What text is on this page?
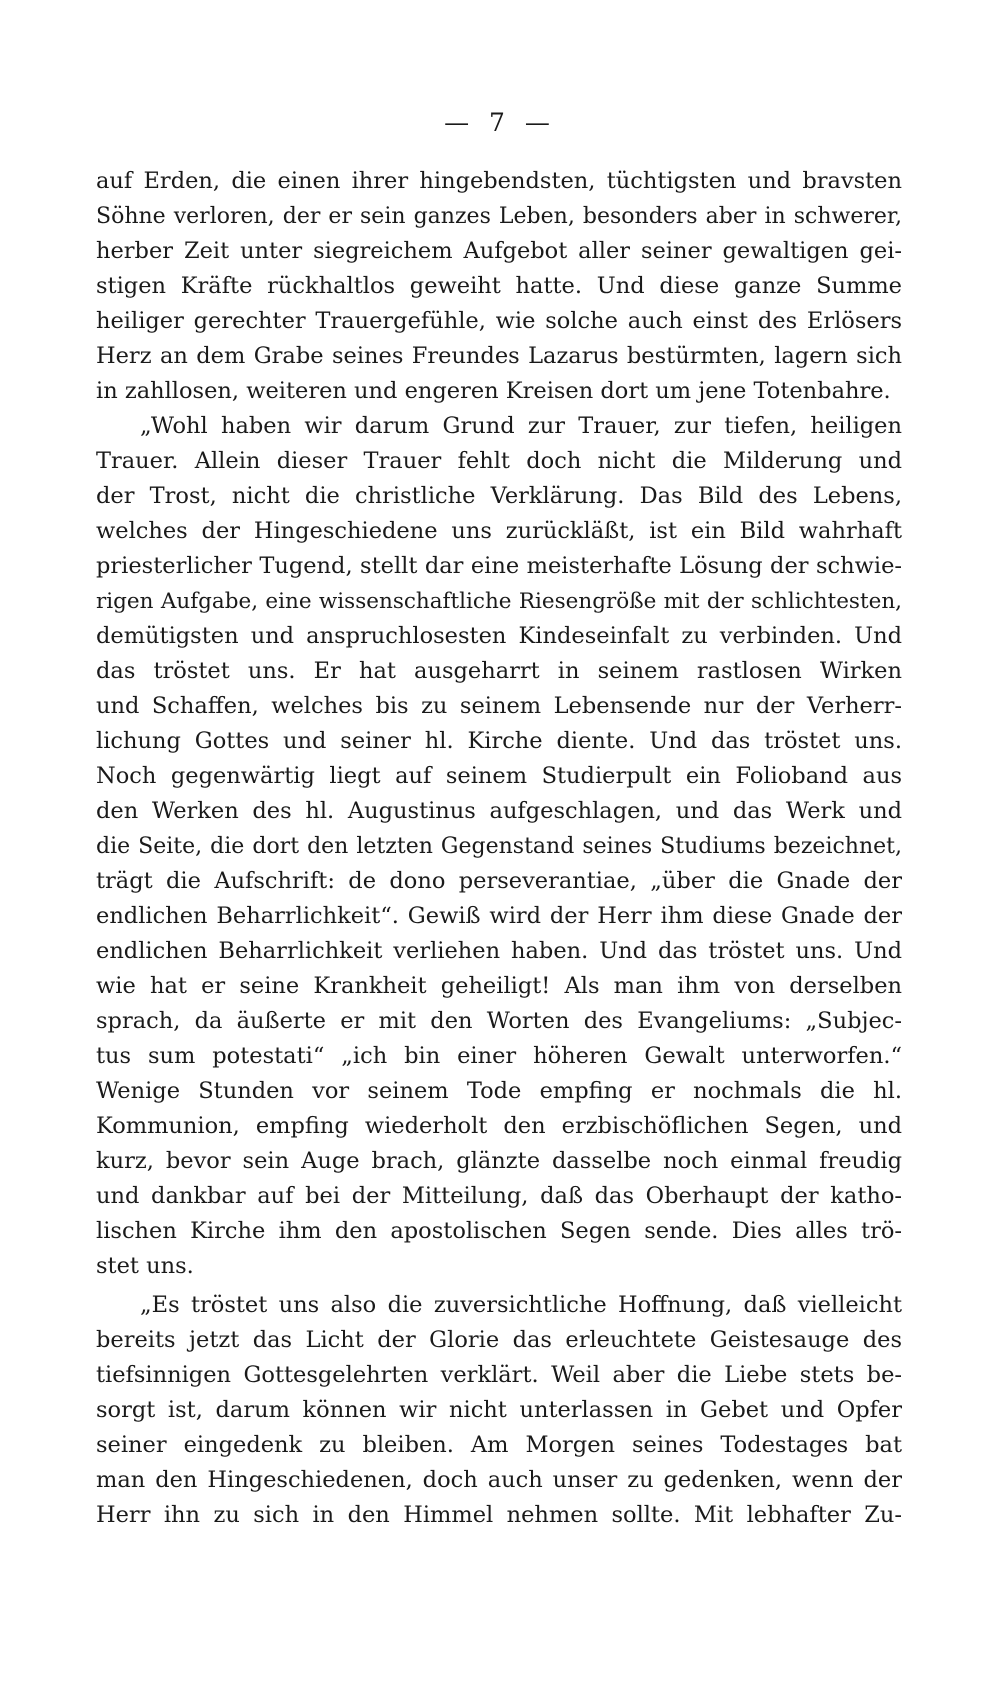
— 7 —
auf Erden, die einen ihrer hingebendsten, tüchtigsten und bravsten
Söhne verloren, der er sein ganzes Leben, besonders aber in schwerer,
herber Zeit unter siegreichem Aufgebot aller seiner gewaltigen gei-
stigen Kräfte rückhaltlos geweiht hatte. Und diese ganze Summe
heiliger gerechter Trauergefühle, wie solche auch einst des Erlösers
Herz an dem Grabe seines Freundes Lazarus bestürmten, lagern sich
in zahllosen, weiteren und engeren Kreisen dort um jene Totenbahre.
„Wohl haben wir darum Grund zur Trauer, zur tiefen, heiligen
Trauer. Allein dieser Trauer fehlt doch nicht die Milderung und
der Trost, nicht die christliche Verklärung. Das Bild des Lebens,
welches der Hingeschiedene uns zurückläßt, ist ein Bild wahrhaft
priesterlicher Tugend, stellt dar eine meisterhafte Lösung der schwie-
rigen Aufgabe, eine wissenschaftliche Riesengröße mit der schlichtesten,
demütigsten und anspruchlosesten Kindeseinfalt zu verbinden. Und
das tröstet uns. Er hat ausgeharrt in seinem rastlosen Wirken
und Schaffen, welches bis zu seinem Lebensende nur der Verherr-
lichung Gottes und seiner hl. Kirche diente. Und das tröstet uns.
Noch gegenwärtig liegt auf seinem Studierpult ein Folioband aus
den Werken des hl. Augustinus aufgeschlagen, und das Werk und
die Seite, die dort den letzten Gegenstand seines Studiums bezeichnet,
trägt die Aufschrift: de dono perseverantiae, „über die Gnade der
endlichen Beharrlichkeit“. Gewiß wird der Herr ihm diese Gnade der
endlichen Beharrlichkeit verliehen haben. Und das tröstet uns. Und
wie hat er seine Krankheit geheiligt! Als man ihm von derselben
sprach, da äußerte er mit den Worten des Evangeliums: „Subjec-
tus sum potestati“ „ich bin einer höheren Gewalt unterworfen.“
Wenige Stunden vor seinem Tode empfing er nochmals die hl.
Kommunion, empfing wiederholt den erzbischöflichen Segen, und
kurz, bevor sein Auge brach, glänzte dasselbe noch einmal freudig
und dankbar auf bei der Mitteilung, daß das Oberhaupt der katho-
lischen Kirche ihm den apostolischen Segen sende. Dies alles trö-
stet uns.
„Es tröstet uns also die zuversichtliche Hoffnung, daß vielleicht
bereits jetzt das Licht der Glorie das erleuchtete Geistesauge des
tiefsinnigen Gottesgelehrten verklärt. Weil aber die Liebe stets be-
sorgt ist, darum können wir nicht unterlassen in Gebet und Opfer
seiner eingedenk zu bleiben. Am Morgen seines Todestages bat
man den Hingeschiedenen, doch auch unser zu gedenken, wenn der
Herr ihn zu sich in den Himmel nehmen sollte. Mit lebhafter Zu-
